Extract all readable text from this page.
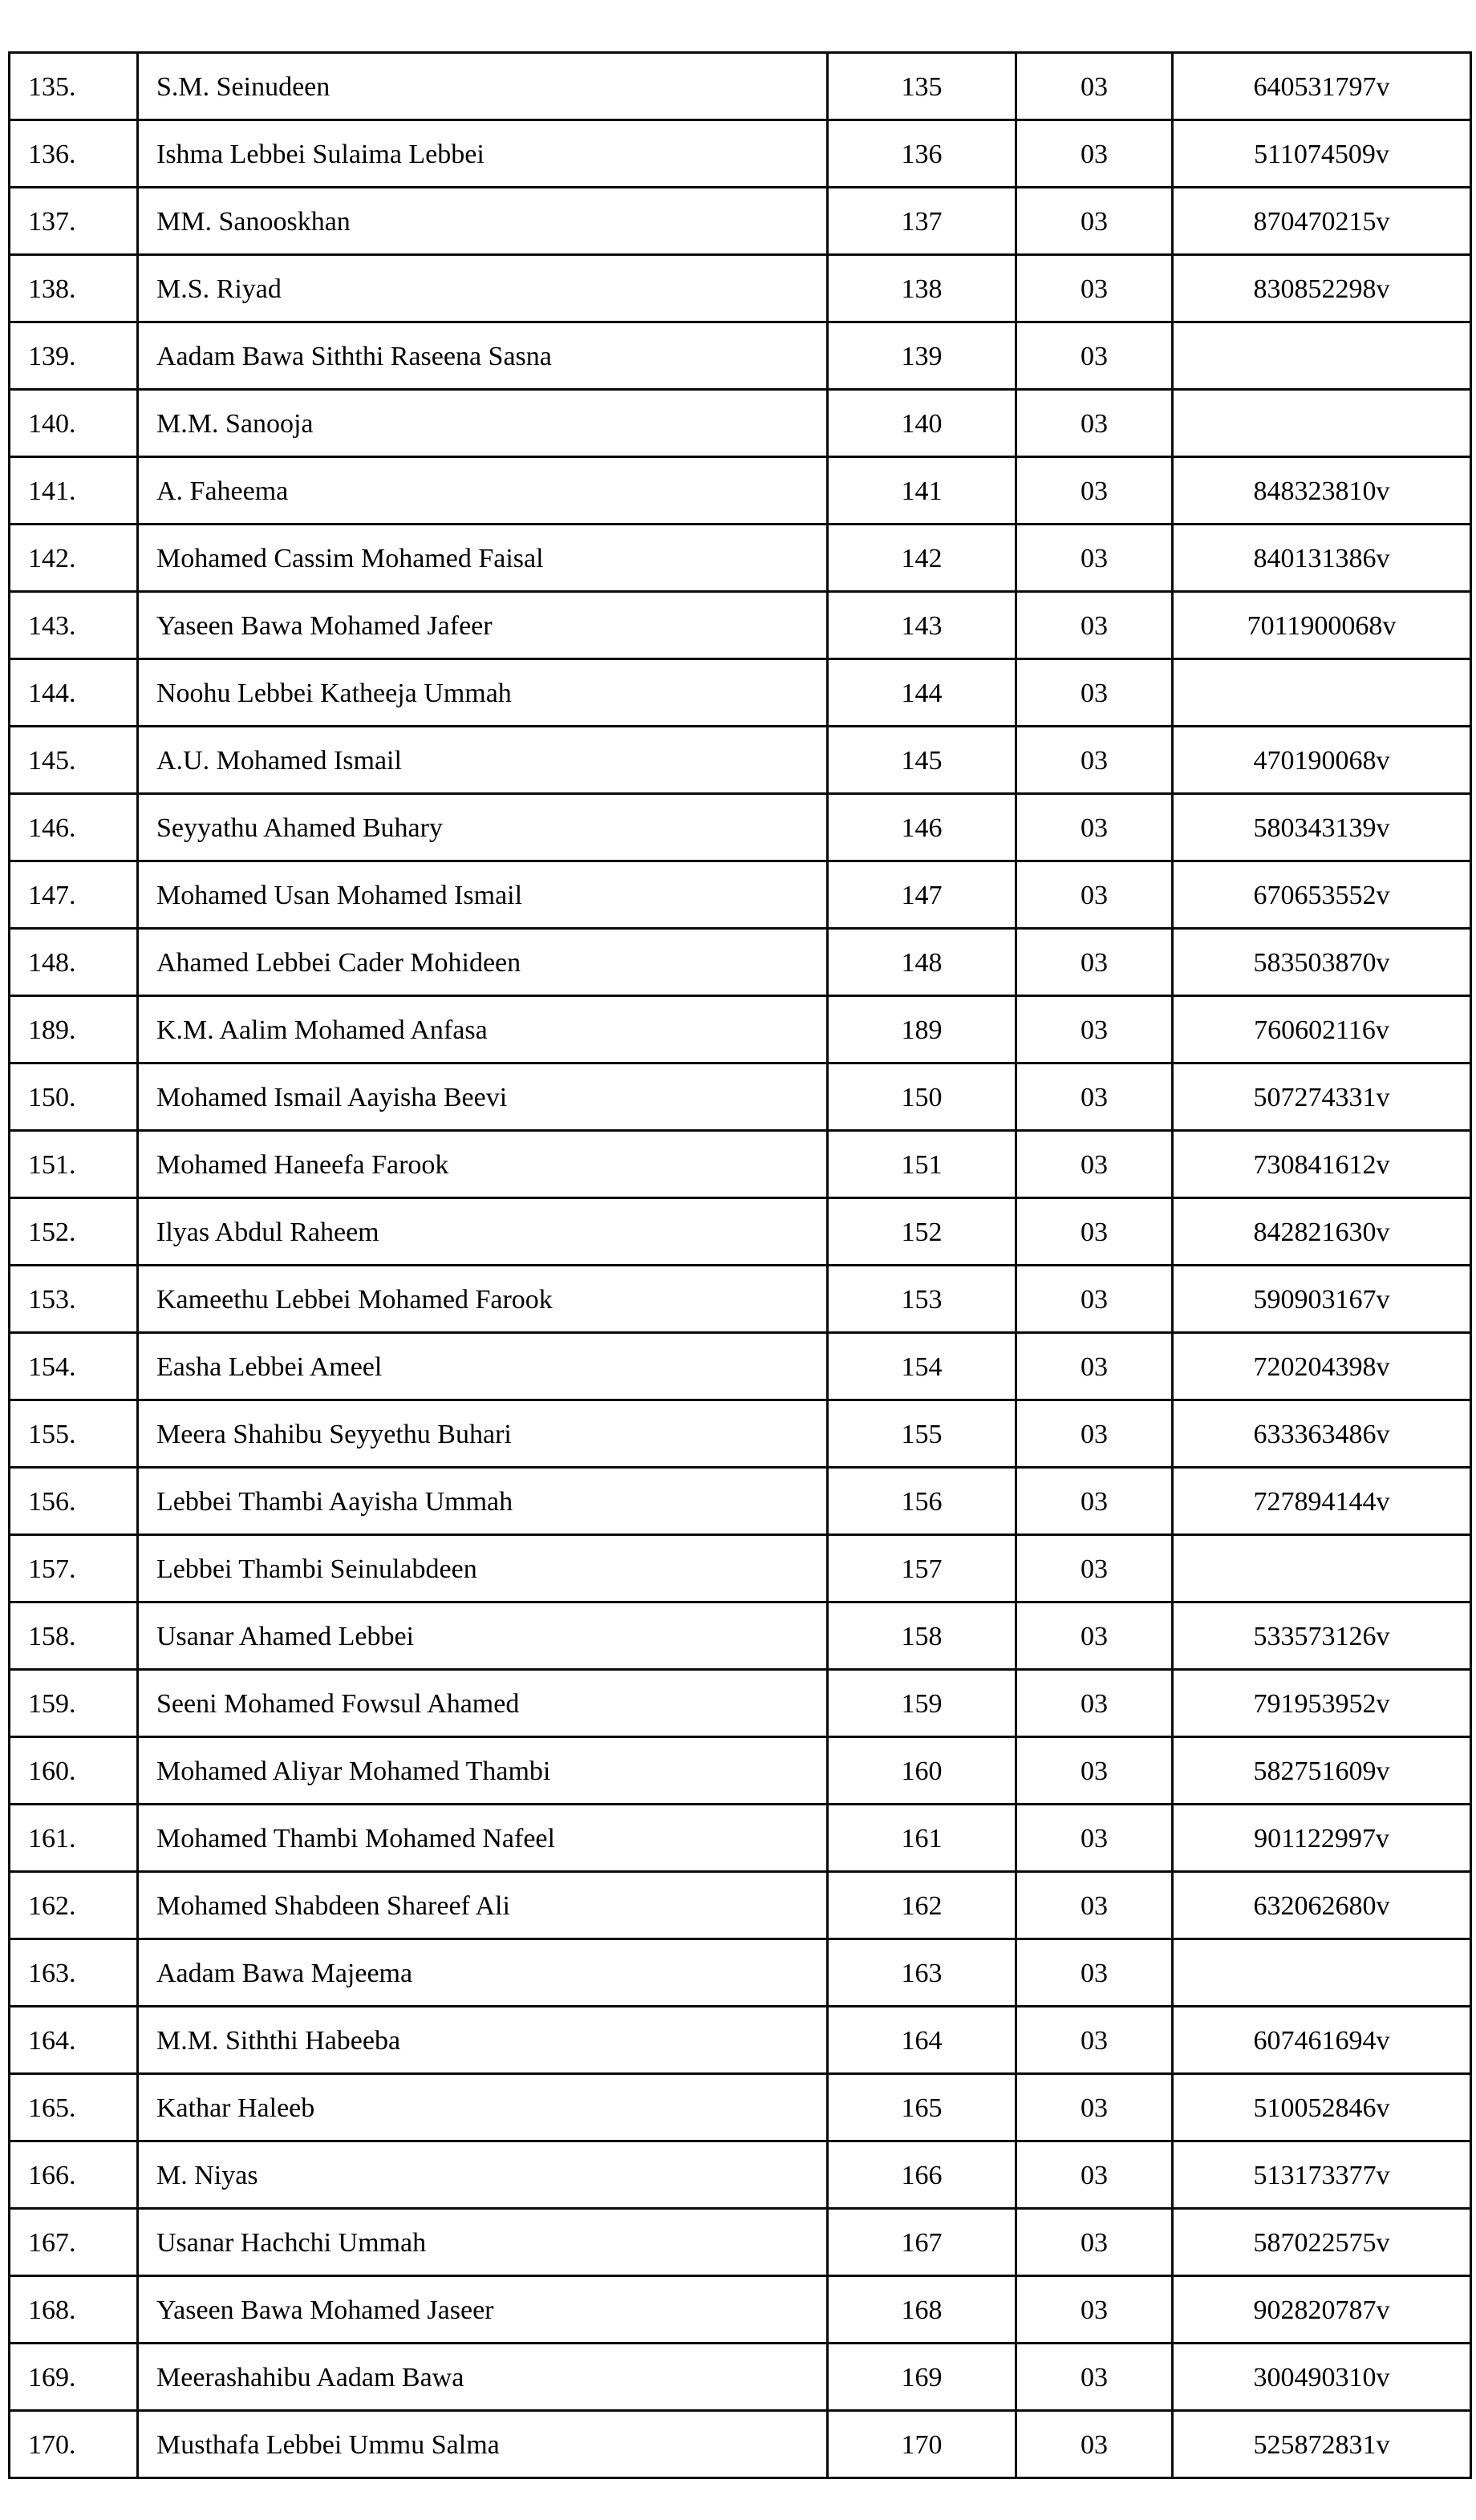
135.	S.M. Seinudeen	135	03	640531797v
136.	Ishma Lebbei Sulaima Lebbei	136	03	511074509v
137.	MM. Sanooskhan	137	03	870470215v
138.	M.S. Riyad	138	03	830852298v
139.	Aadam Bawa Siththi Raseena Sasna	139	03	
140.	M.M. Sanooja	140	03	
141.	A. Faheema	141	03	848323810v
142.	Mohamed Cassim Mohamed Faisal	142	03	840131386v
143.	Yaseen Bawa Mohamed Jafeer	143	03	7011900068v
144.	Noohu Lebbei Katheeja Ummah	144	03	
145.	A.U. Mohamed Ismail	145	03	470190068v
146.	Seyyathu Ahamed Buhary	146	03	580343139v
147.	Mohamed Usan Mohamed Ismail	147	03	670653552v
148.	Ahamed Lebbei Cader Mohideen	148	03	583503870v
189.	K.M. Aalim Mohamed Anfasa	189	03	760602116v
150.	Mohamed Ismail Aayisha Beevi	150	03	507274331v
151.	Mohamed Haneefa Farook	151	03	730841612v
152.	Ilyas Abdul Raheem	152	03	842821630v
153.	Kameethu Lebbei Mohamed Farook	153	03	590903167v
154.	Easha Lebbei Ameel	154	03	720204398v
155.	Meera Shahibu Seyyethu Buhari	155	03	633363486v
156.	Lebbei Thambi Aayisha Ummah	156	03	727894144v
157.	Lebbei Thambi Seinulabdeen	157	03	
158.	Usanar Ahamed Lebbei	158	03	533573126v
159.	Seeni Mohamed Fowsul Ahamed	159	03	791953952v
160.	Mohamed Aliyar Mohamed Thambi	160	03	582751609v
161.	Mohamed Thambi Mohamed Nafeel	161	03	901122997v
162.	Mohamed Shabdeen Shareef Ali	162	03	632062680v
163.	Aadam Bawa Majeema	163	03	
164.	M.M. Siththi Habeeba	164	03	607461694v
165.	Kathar Haleeb	165	03	510052846v
166.	M. Niyas	166	03	513173377v
167.	Usanar Hachchi Ummah	167	03	587022575v
168.	Yaseen Bawa Mohamed Jaseer	168	03	902820787v
169.	Meerashahibu Aadam Bawa	169	03	300490310v
170.	Musthafa Lebbei Ummu Salma	170	03	525872831v
